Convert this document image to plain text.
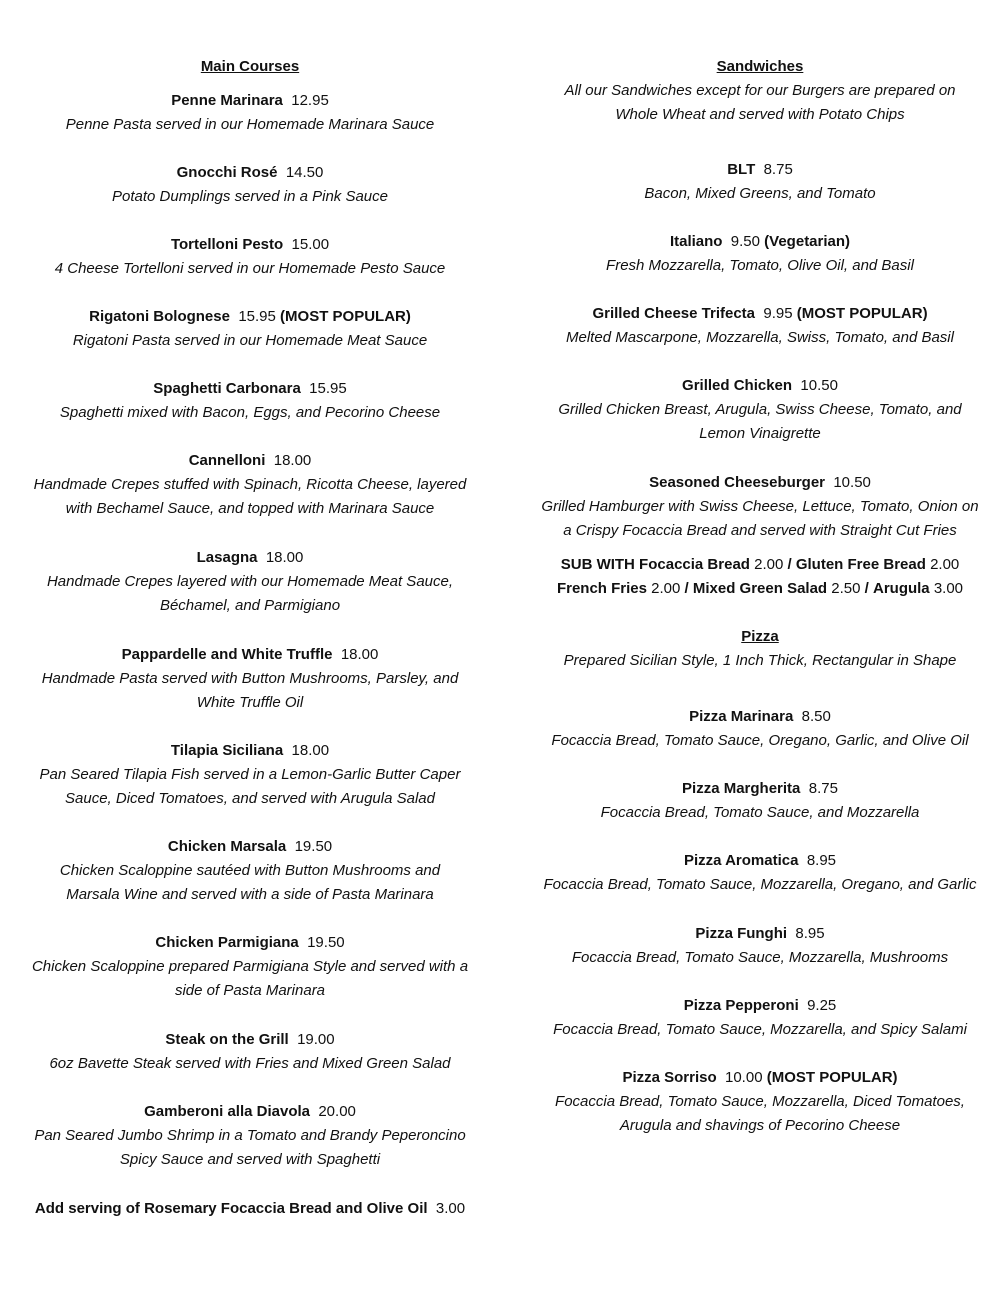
Main Courses
Penne Marinara 12.95
Penne Pasta served in our Homemade Marinara Sauce
Gnocchi Rosé 14.50
Potato Dumplings served in a Pink Sauce
Tortelloni Pesto 15.00
4 Cheese Tortelloni served in our Homemade Pesto Sauce
Rigatoni Bolognese 15.95 (MOST POPULAR)
Rigatoni Pasta served in our Homemade Meat Sauce
Spaghetti Carbonara 15.95
Spaghetti mixed with Bacon, Eggs, and Pecorino Cheese
Cannelloni 18.00
Handmade Crepes stuffed with Spinach, Ricotta Cheese, layered
with Bechamel Sauce, and topped with Marinara Sauce
Lasagna 18.00
Handmade Crepes layered with our Homemade Meat Sauce,
Béchamel, and Parmigiano
Pappardelle and White Truffle 18.00
Handmade Pasta served with Button Mushrooms, Parsley, and
White Truffle Oil
Tilapia Siciliana 18.00
Pan Seared Tilapia Fish served in a Lemon-Garlic Butter Caper
Sauce, Diced Tomatoes, and served with Arugula Salad
Chicken Marsala 19.50
Chicken Scaloppine sautéed with Button Mushrooms and
Marsala Wine and served with a side of Pasta Marinara
Chicken Parmigiana 19.50
Chicken Scaloppine prepared Parmigiana Style and served with a
side of Pasta Marinara
Steak on the Grill 19.00
6oz Bavette Steak served with Fries and Mixed Green Salad
Gamberoni alla Diavola 20.00
Pan Seared Jumbo Shrimp in a Tomato and Brandy Peperoncino
Spicy Sauce and served with Spaghetti
Add serving of Rosemary Focaccia Bread and Olive Oil 3.00
Sandwiches
All our Sandwiches except for our Burgers are prepared on
Whole Wheat and served with Potato Chips
BLT 8.75
Bacon, Mixed Greens, and Tomato
Italiano 9.50 (Vegetarian)
Fresh Mozzarella, Tomato, Olive Oil, and Basil
Grilled Cheese Trifecta 9.95 (MOST POPULAR)
Melted Mascarpone, Mozzarella, Swiss, Tomato, and Basil
Grilled Chicken 10.50
Grilled Chicken Breast, Arugula, Swiss Cheese, Tomato, and
Lemon Vinaigrette
Seasoned Cheeseburger 10.50
Grilled Hamburger with Swiss Cheese, Lettuce, Tomato, Onion on
a Crispy Focaccia Bread and served with Straight Cut Fries
SUB WITH Focaccia Bread 2.00 / Gluten Free Bread 2.00
French Fries 2.00 / Mixed Green Salad 2.50 / Arugula 3.00
Pizza
Prepared Sicilian Style, 1 Inch Thick, Rectangular in Shape
Pizza Marinara 8.50
Focaccia Bread, Tomato Sauce, Oregano, Garlic, and Olive Oil
Pizza Margherita 8.75
Focaccia Bread, Tomato Sauce, and Mozzarella
Pizza Aromatica 8.95
Focaccia Bread, Tomato Sauce, Mozzarella, Oregano, and Garlic
Pizza Funghi 8.95
Focaccia Bread, Tomato Sauce, Mozzarella, Mushrooms
Pizza Pepperoni 9.25
Focaccia Bread, Tomato Sauce, Mozzarella, and Spicy Salami
Pizza Sorriso 10.00 (MOST POPULAR)
Focaccia Bread, Tomato Sauce, Mozzarella, Diced Tomatoes,
Arugula and shavings of Pecorino Cheese
